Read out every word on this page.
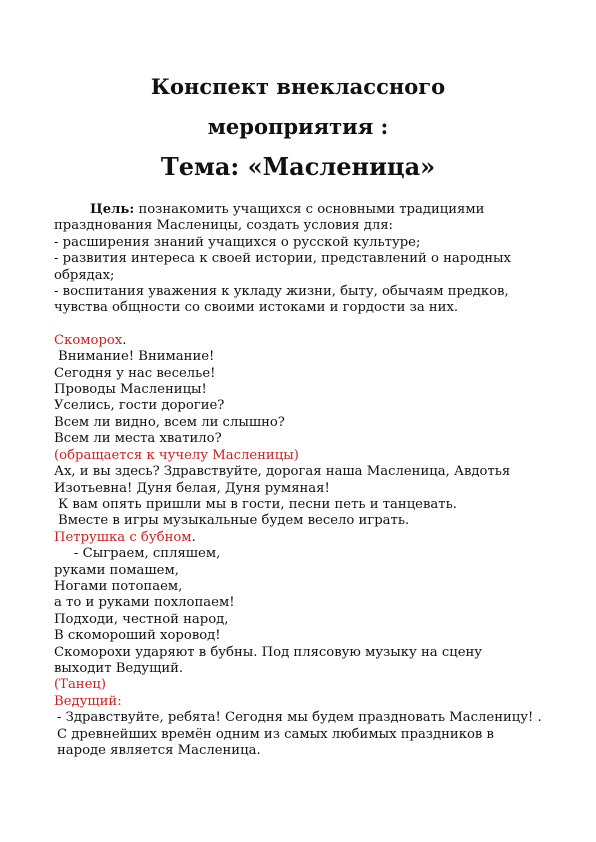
Конспект внеклассного
мероприятия :
Тема: «Масленица»

Цель: познакомить учащихся с основными традициями празднования Масленицы, создать условия для:

- расширения знаний учащихся о русской культуре;

- развития интереса к своей истории, представлений о народных обрядах;

- воспитания уважения к укладу жизни, быту, обычаям предков, чувства общности со своими истоками и гордости за них.

Скоморох.

Внимание! Внимание!

Сегодня у нас веселье!

Проводы Масленицы!

Уселись, гости дорогие?

Всем ли видно, всем ли слышно?

Всем ли места хватило?

(обращается к чучелу Масленицы)

Ах, и вы здесь? Здравствуйте, дорогая наша Масленица, Авдотья Изотьевна! Дуня белая, Дуня румяная!

К вам опять пришли мы в гости, песни петь и танцевать.

Вместе в игры музыкальные будем весело играть.

Петрушка с бубном.

- Сыграем, спляшем,

руками помашем,

Ногами потопаем,

а то и руками похлопаем!

Подходи, честной народ,

В скомороший хоровод!

Скоморохи ударяют в бубны. Под плясовую музыку на сцену выходит Ведущий.

(Танец)

Ведущий:

- Здравствуйте, ребята! Сегодня мы будем праздновать Масленицу! . С древнейших времён одним из самых любимых праздников в народе является Масленица.
